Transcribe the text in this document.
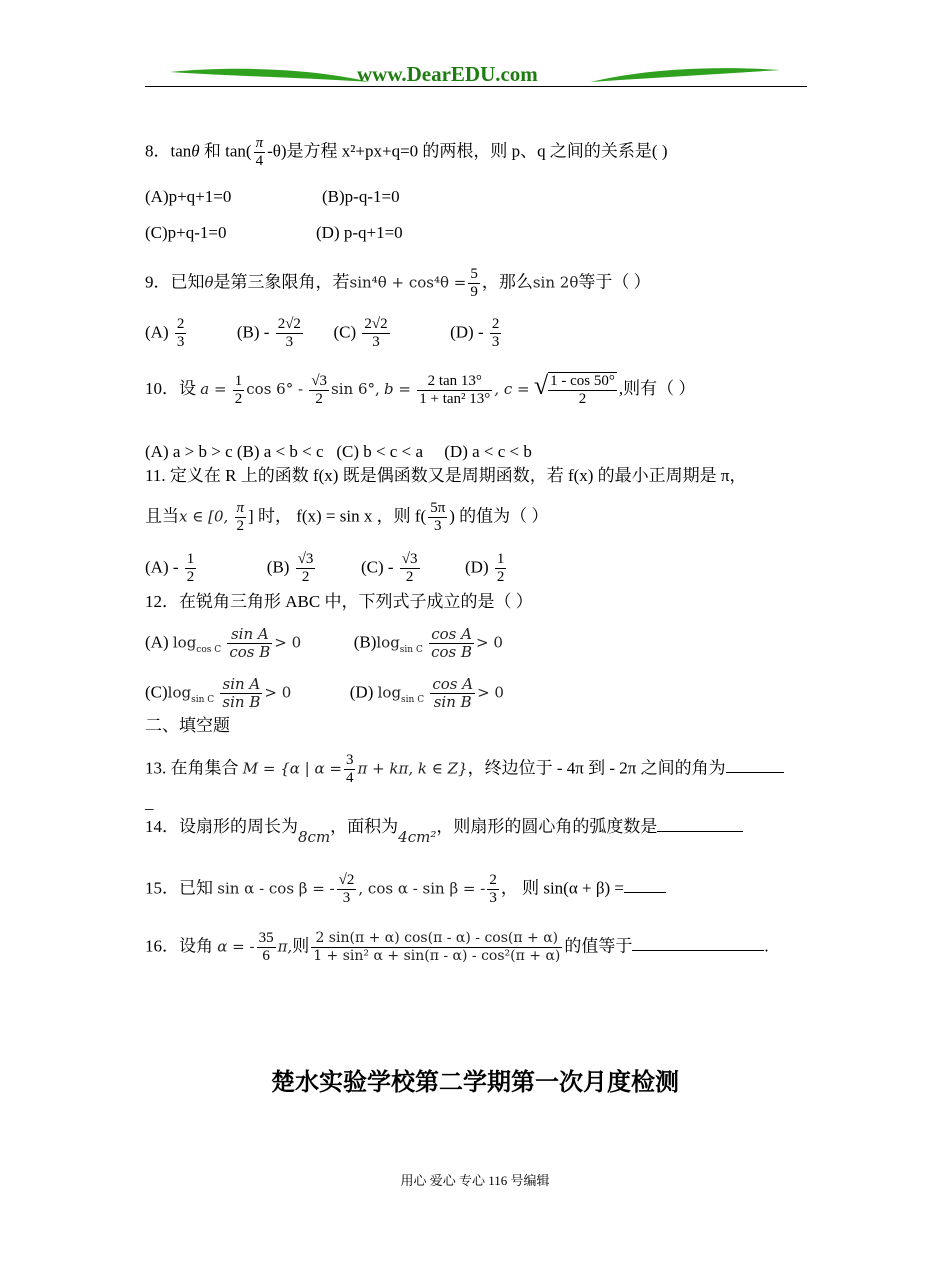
www.DearEDU.com
8．tanθ 和 $\tan( \frac{\pi}{4} -\theta)$是方程 x²+px+q=0 的两根，则 p、q 之间的关系是( )
(A)p+q+1=0	(B)p-q-1=0
(C)p+q-1=0	(D) p-q+1=0
9．已知θ是第三象限角，若$\sin^4\theta + \cos^4\theta = \frac{5}{9}$ ，那么sin 2θ等于（ ）
$(A) \frac{2}{3}$	$(B) - \frac{2√2}{3} (C) \frac{2√2}{3}$	$(D) - \frac{2}{3}$
10．设 $a = \frac{1}{2}$ $\cos 6^\circ - \frac{√3}{2}$ sin 6°, $b = \frac{2 \tan 13^\circ}{\text{1 + tan² 13°}}$ , c = √ $\frac{1 - \cos 50^\circ}{2}$ ,则有（ ）
(A) a > b > c (B) a < b < c (C) b < c < a (D) a < c < b
11. 定义在 R 上的函数 f(x) 既是偶函数又是周期函数，若 f(x) 的最小正周期是 π，
且当x ∈ [0, $\frac{\pi}{2}$ ] 时， f(x) = sin x ，则 $f( \frac{5\pi}{3}$ ) 的值为（ ）
$(A) - \frac{1}{2}$	$(B) \frac{√3}{2}$	$(C) - \frac{√3}{2}$	$(D) \frac{1}{2}$
12．在锐角三角形 ABC 中，下列式子成立的是（ ）
(A) $\log_{cos C} \frac{\text{sin A}}{\text{cos B}} > 0$	$(B)\log_{sin C} \frac{\text{cos A}}{\text{cos B}} > 0$
$(C)\log_{sin C} \frac{\text{sin A}}{\text{sin B}} > 0$	(D) $\log_{sin C} \frac{\text{cos A}}{\text{sin B}} > 0$
二、填空题
13. 在角集合 M = {α | $\alpha = \frac{3}{4}$ π + kπ, k ∈ Z}，终边位于 - 4π 到 - 2π 之间的角为
_
14．设扇形的周长为8cm，面积为4cm²，则扇形的圆心角的弧度数是
15．已知 sin α - cos β = - $\frac{√2}{3}$ , cos α - sin β = - $\frac{2}{3}$ ， 则 sin(α + β) =
16．设角 α = - $\frac{35}{6} \pi$,则 $\frac{2 \sin(\pi + \alpha) \cos(\pi - \alpha) - \cos(\pi + \alpha)}{\text{1 + sin² α + sin(π - α) - cos²(π + α)}}$ 的值等于	.
楚水实验学校第二学期第一次月度检测
用心 爱心 专心 116 号编辑
